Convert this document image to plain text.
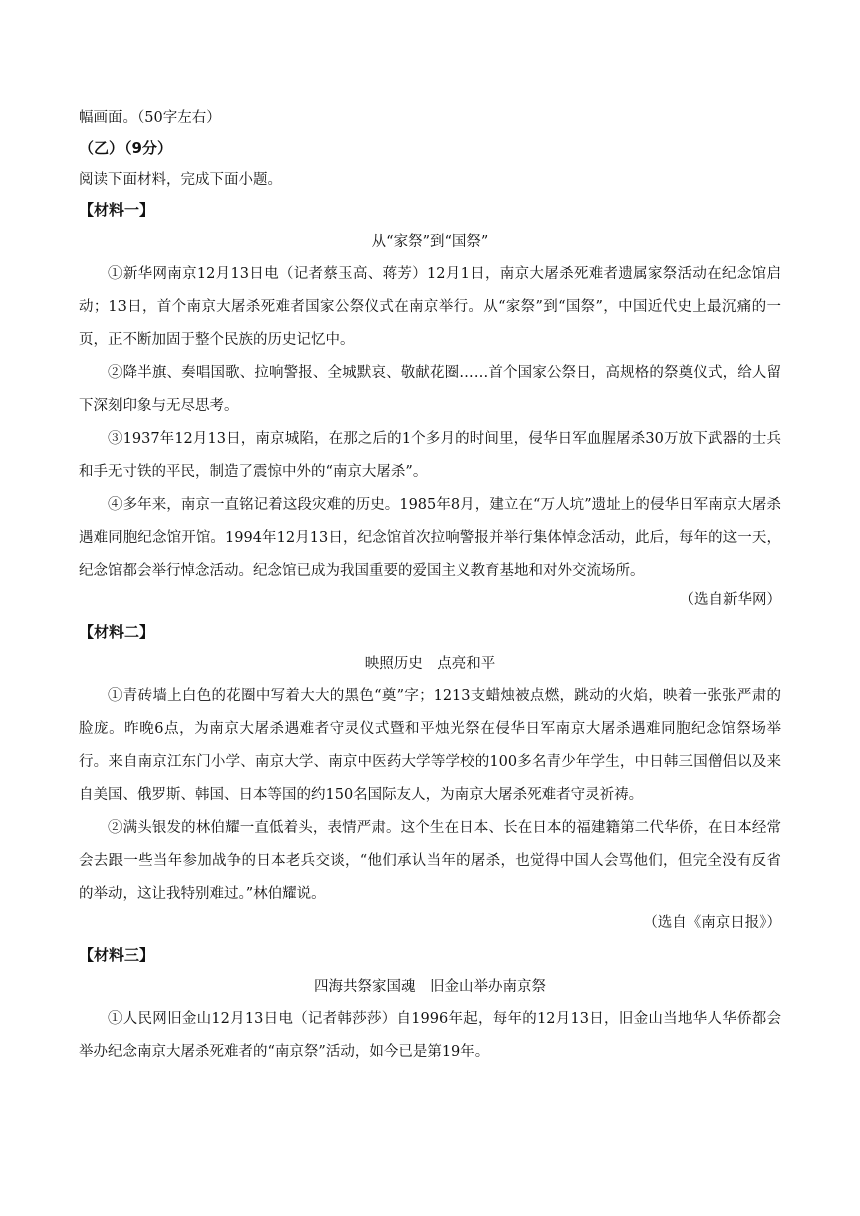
幅画面。（50字左右）

（乙）（9分）

阅读下面材料，完成下面小题。

【材料一】

从“家祭”到“国祭”

①新华网南京12月13日电（记者蔡玉高、蒋芳）12月1日，南京大屠杀死难者遗属家祭活动在纪念馆启动；13日，首个南京大屠杀死难者国家公祭仪式在南京举行。从“家祭”到“国祭”，中国近代史上最沉痛的一页，正不断加固于整个民族的历史记忆中。

②降半旗、奏唱国歌、拉响警报、全城默哀、敬献花圈……首个国家公祭日，高规格的祭奠仪式，给人留下深刻印象与无尽思考。

③1937年12月13日，南京城陷，在那之后的1个多月的时间里，侵华日军血腥屠杀30万放下武器的士兵和手无寸铁的平民，制造了震惊中外的“南京大屠杀”。

④多年来，南京一直铭记着这段灾难的历史。1985年8月，建立在“万人坑”遗址上的侵华日军南京大屠杀遇难同胞纪念馆开馆。1994年12月13日，纪念馆首次拉响警报并举行集体悼念活动，此后，每年的这一天，纪念馆都会举行悼念活动。纪念馆已成为我国重要的爱国主义教育基地和对外交流场所。

（选自新华网）

【材料二】

映照历史　点亮和平

①青砖墙上白色的花圈中写着大大的黑色“奠”字；1213支蜡烛被点燃，跳动的火焰，映着一张张严肃的脸庞。昨晚6点，为南京大屠杀遇难者守灵仪式暨和平烛光祭在侵华日军南京大屠杀遇难同胞纪念馆祭场举行。来自南京江东门小学、南京大学、南京中医药大学等学校的100多名青少年学生，中日韩三国僧侣以及来自美国、俄罗斯、韩国、日本等国的约150名国际友人，为南京大屠杀死难者守灵祈祷。

②满头银发的林伯耀一直低着头，表情严肃。这个生在日本、长在日本的福建籍第二代华侨，在日本经常会去跟一些当年参加战争的日本老兵交谈，“他们承认当年的屠杀，也觉得中国人会骂他们，但完全没有反省的举动，这让我特别难过。”林伯耀说。

（选自《南京日报》）

【材料三】

四海共祭家国魂　旧金山举办南京祭

①人民网旧金山12月13日电（记者韩莎莎）自1996年起，每年的12月13日，旧金山当地华人华侨都会举办纪念南京大屠杀死难者的“南京祭”活动，如今已是第19年。
